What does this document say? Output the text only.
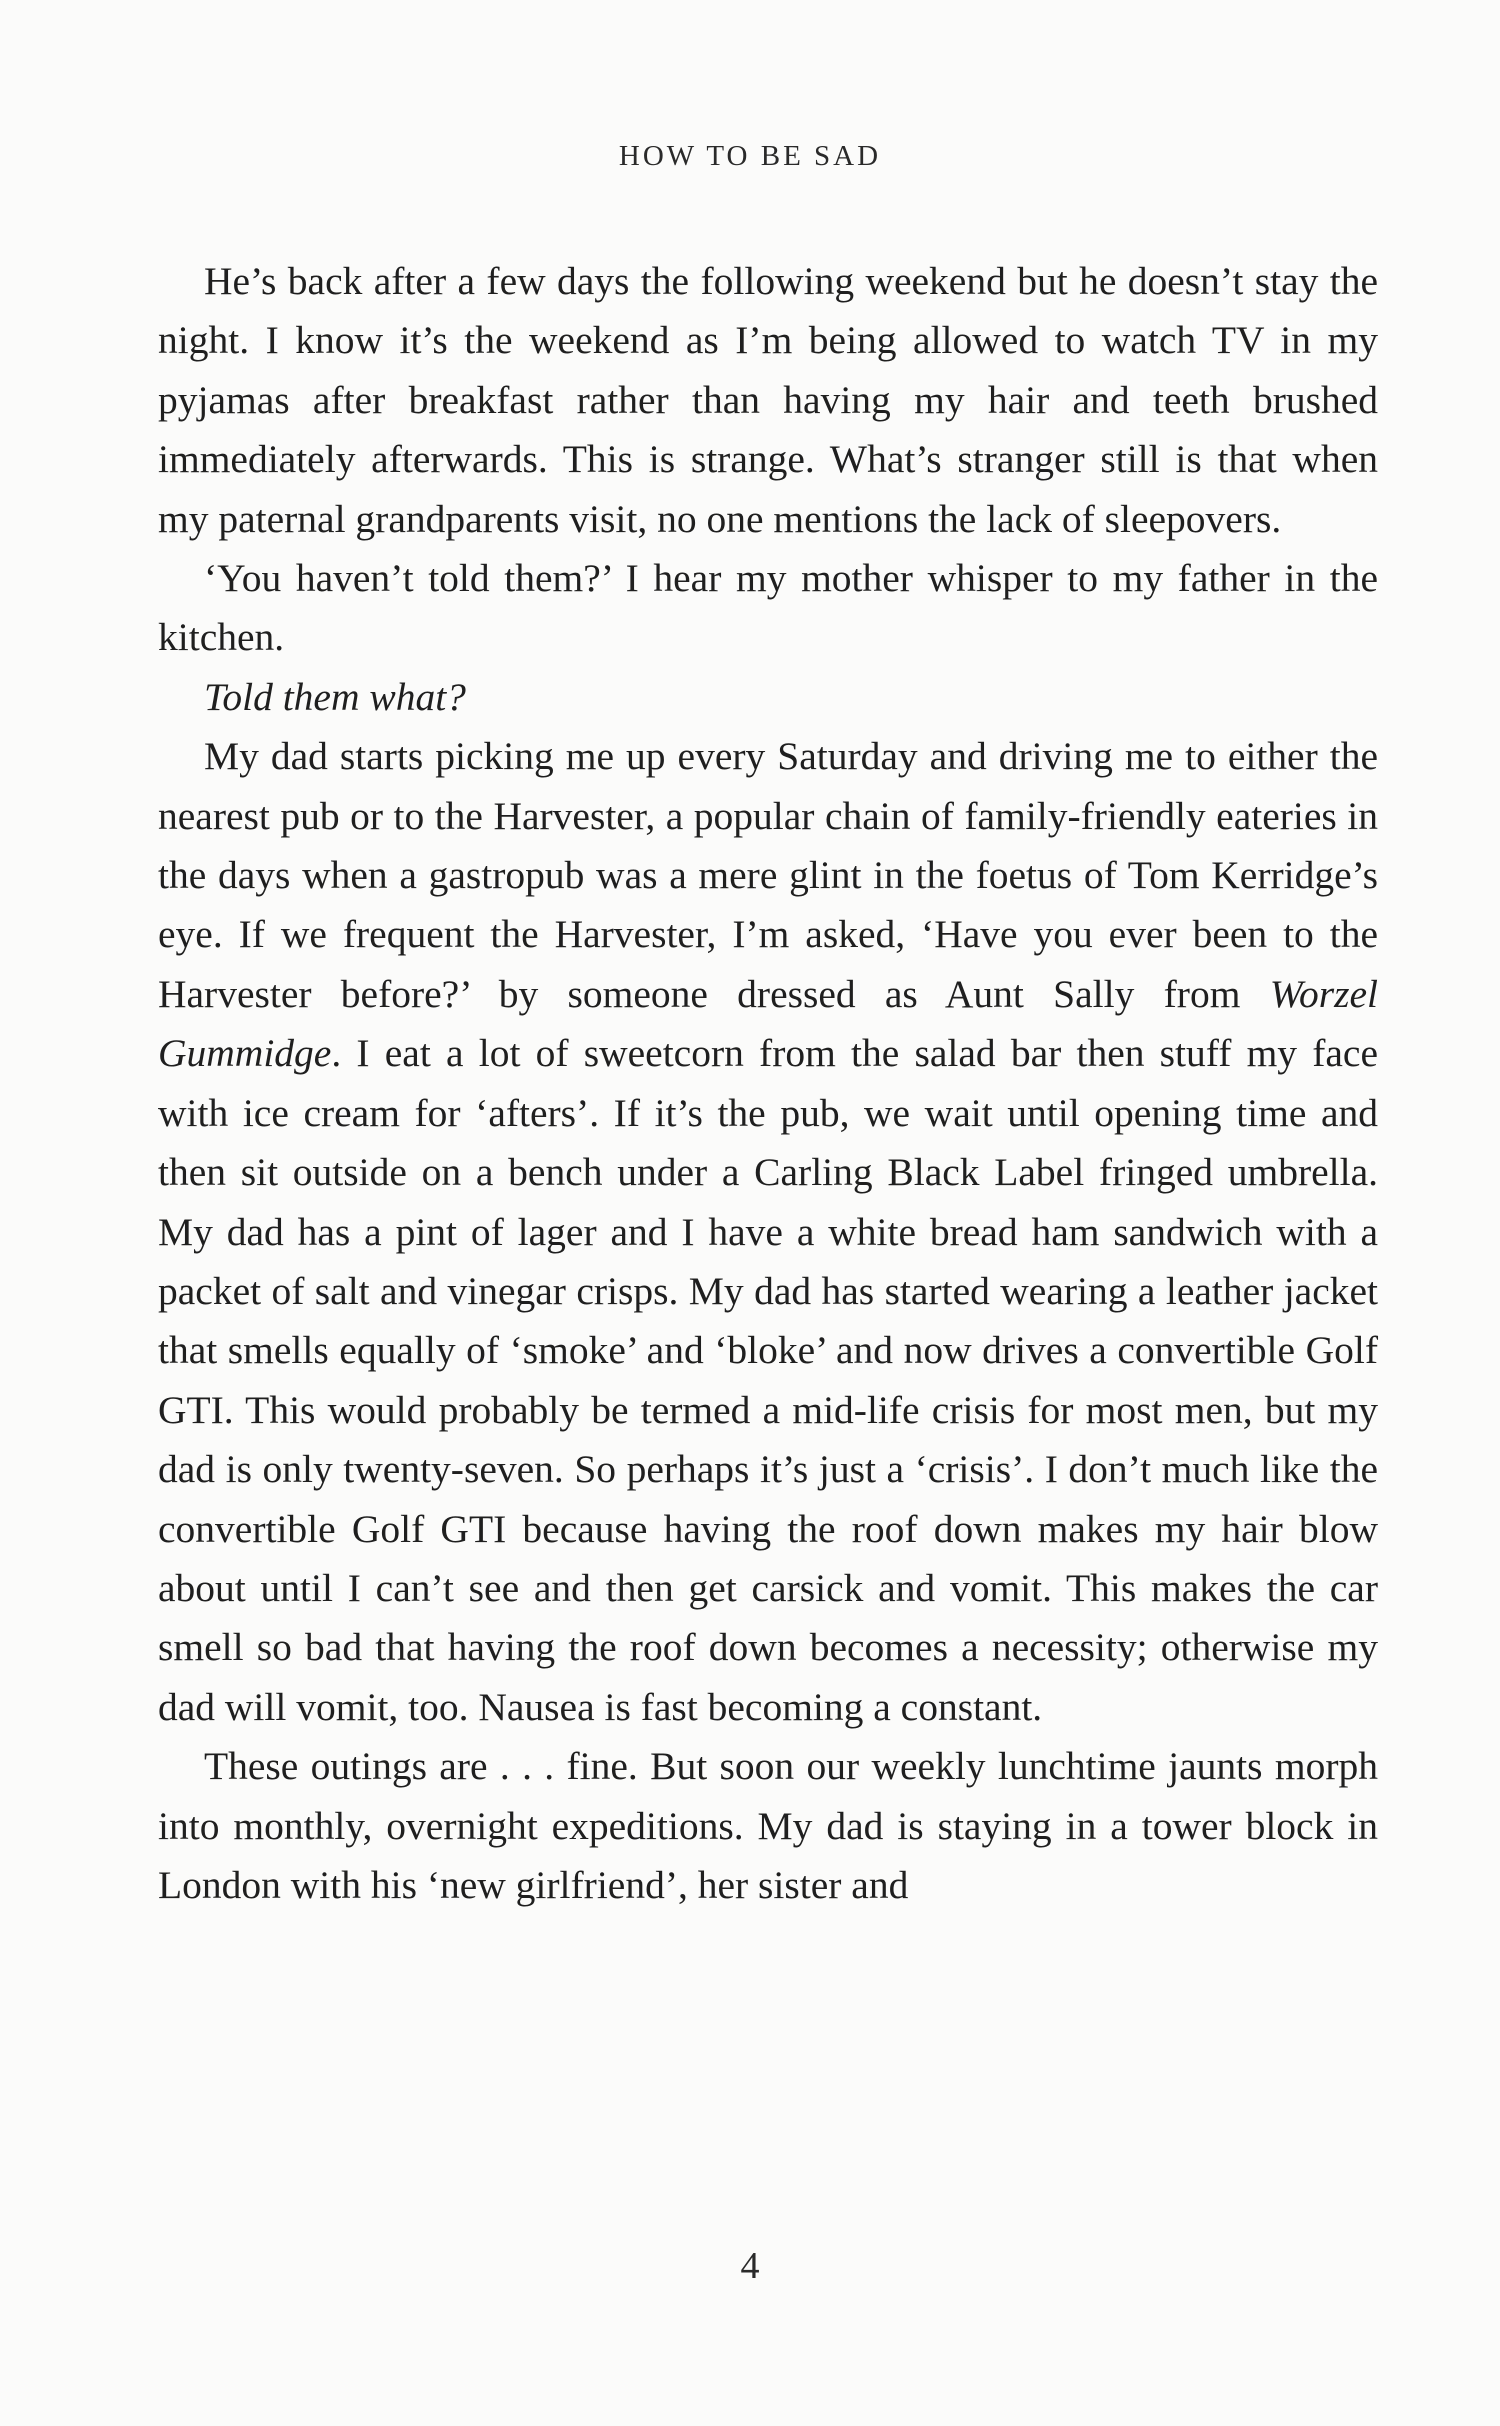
HOW TO BE SAD

He’s back after a few days the following weekend but he doesn’t stay the night. I know it’s the weekend as I’m being allowed to watch TV in my pyjamas after breakfast rather than having my hair and teeth brushed immediately afterwards. This is strange. What’s stranger still is that when my paternal grandparents visit, no one mentions the lack of sleepovers.

‘You haven’t told them?’ I hear my mother whisper to my father in the kitchen.

Told them what?

My dad starts picking me up every Saturday and driving me to either the nearest pub or to the Harvester, a popular chain of family-friendly eateries in the days when a gastropub was a mere glint in the foetus of Tom Kerridge’s eye. If we frequent the Harvester, I’m asked, ‘Have you ever been to the Harvester before?’ by someone dressed as Aunt Sally from Worzel Gummidge. I eat a lot of sweetcorn from the salad bar then stuff my face with ice cream for ‘afters’. If it’s the pub, we wait until opening time and then sit outside on a bench under a Carling Black Label fringed umbrella. My dad has a pint of lager and I have a white bread ham sandwich with a packet of salt and vinegar crisps. My dad has started wearing a leather jacket that smells equally of ‘smoke’ and ‘bloke’ and now drives a convertible Golf GTI. This would probably be termed a mid-life crisis for most men, but my dad is only twenty-seven. So perhaps it’s just a ‘crisis’. I don’t much like the convertible Golf GTI because having the roof down makes my hair blow about until I can’t see and then get carsick and vomit. This makes the car smell so bad that having the roof down becomes a necessity; otherwise my dad will vomit, too. Nausea is fast becoming a constant.

These outings are . . . fine. But soon our weekly lunchtime jaunts morph into monthly, overnight expeditions. My dad is staying in a tower block in London with his ‘new girlfriend’, her sister and

4
